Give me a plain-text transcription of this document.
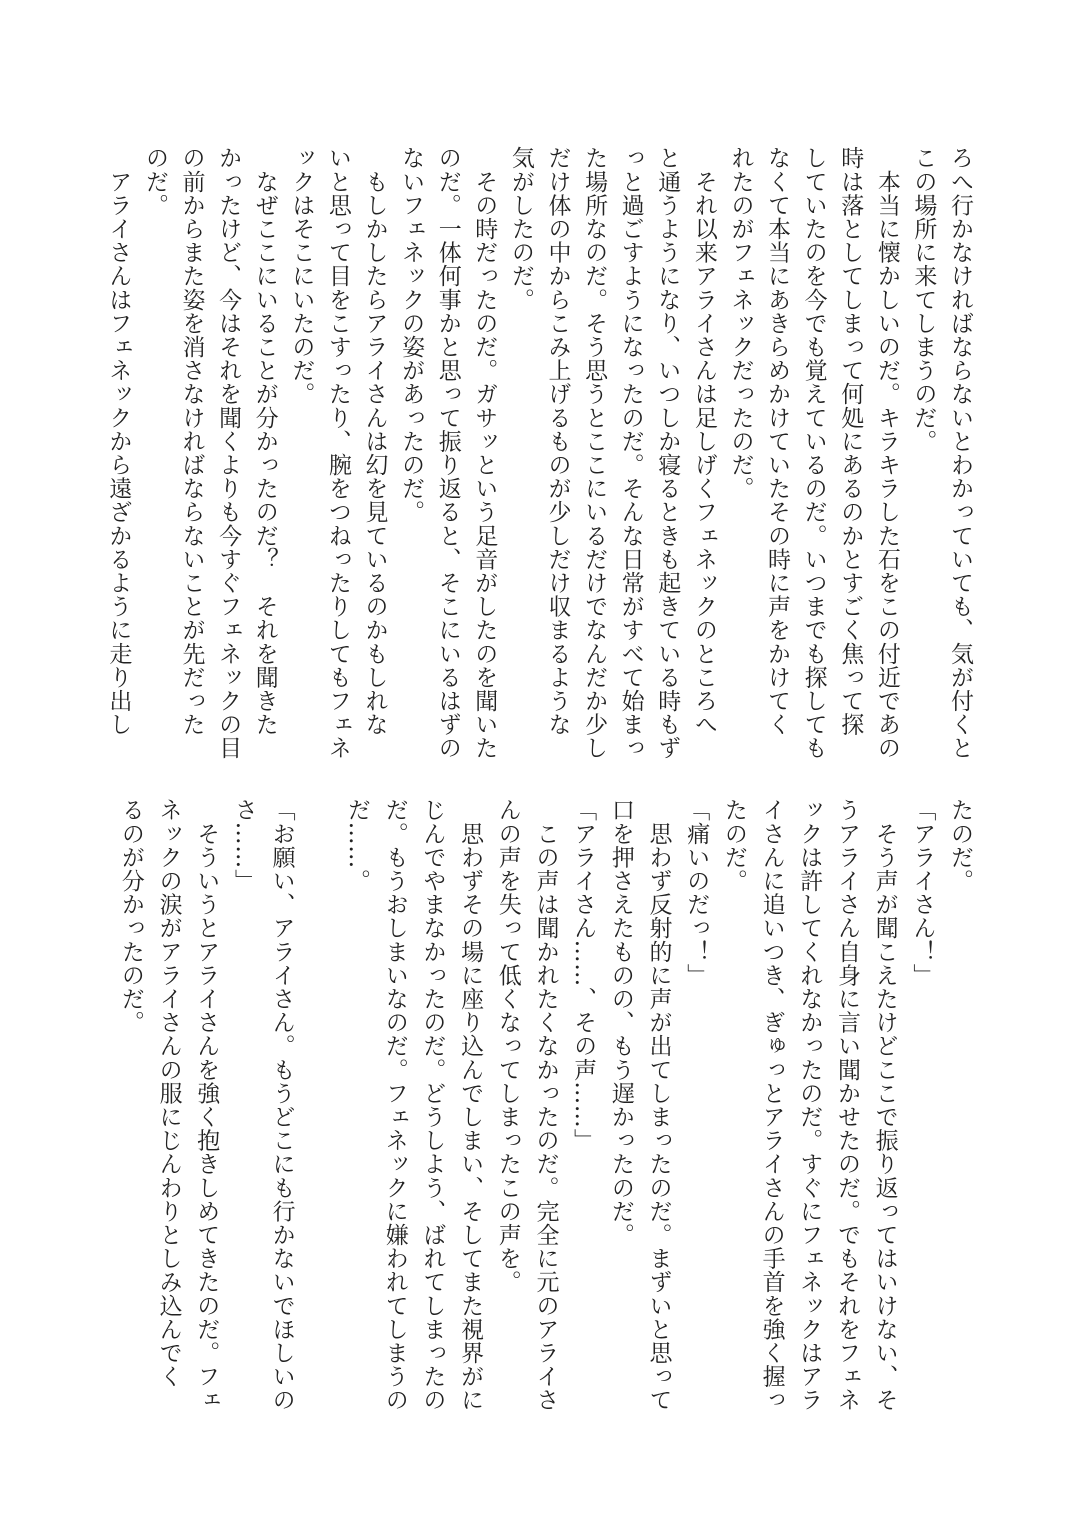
ろへ行かなければならないとわかっていても、気が付くと
この場所に来てしまうのだ。
　本当に懐かしいのだ。キラキラした石をこの付近であの
時は落としてしまって何処にあるのかとすごく焦って探
していたのを今でも覚えているのだ。いつまでも探しても
なくて本当にあきらめかけていたその時に声をかけてく
れたのがフェネックだったのだ。
　それ以来アライさんは足しげくフェネックのところへ
と通うようになり、いつしか寝るときも起きている時もず
っと過ごすようになったのだ。そんな日常がすべて始まっ
た場所なのだ。そう思うとここにいるだけでなんだか少し
だけ体の中からこみ上げるものが少しだけ収まるような
気がしたのだ。
　その時だったのだ。ガサッという足音がしたのを聞いた
のだ。一体何事かと思って振り返ると、そこにいるはずの
ないフェネックの姿があったのだ。
　もしかしたらアライさんは幻を見ているのかもしれな
いと思って目をこすったり、腕をつねったりしてもフェネ
ックはそこにいたのだ。
　なぜここにいることが分かったのだ？　それを聞きた
かったけど、今はそれを聞くよりも今すぐフェネックの目
の前からまた姿を消さなければならないことが先だった
のだ。
　アライさんはフェネックから遠ざかるように走り出し
たのだ。
「アライさん！」
　そう声が聞こえたけどここで振り返ってはいけない、そ
うアライさん自身に言い聞かせたのだ。でもそれをフェネ
ックは許してくれなかったのだ。すぐにフェネックはアラ
イさんに追いつき、ぎゅっとアライさんの手首を強く握っ
たのだ。
「痛いのだっ！」
　思わず反射的に声が出てしまったのだ。まずいと思って
口を押さえたものの、もう遅かったのだ。
「アライさん……、その声……」
　この声は聞かれたくなかったのだ。完全に元のアライさ
んの声を失って低くなってしまったこの声を。
　思わずその場に座り込んでしまい、そしてまた視界がに
じんでやまなかったのだ。どうしよう、ばれてしまったの
だ。もうおしまいなのだ。フェネックに嫌われてしまうの
だ……。
「お願い、アライさん。もうどこにも行かないでほしいの
さ……」
　そういうとアライさんを強く抱きしめてきたのだ。フェ
ネックの涙がアライさんの服にじんわりとしみ込んでく
るのが分かったのだ。
